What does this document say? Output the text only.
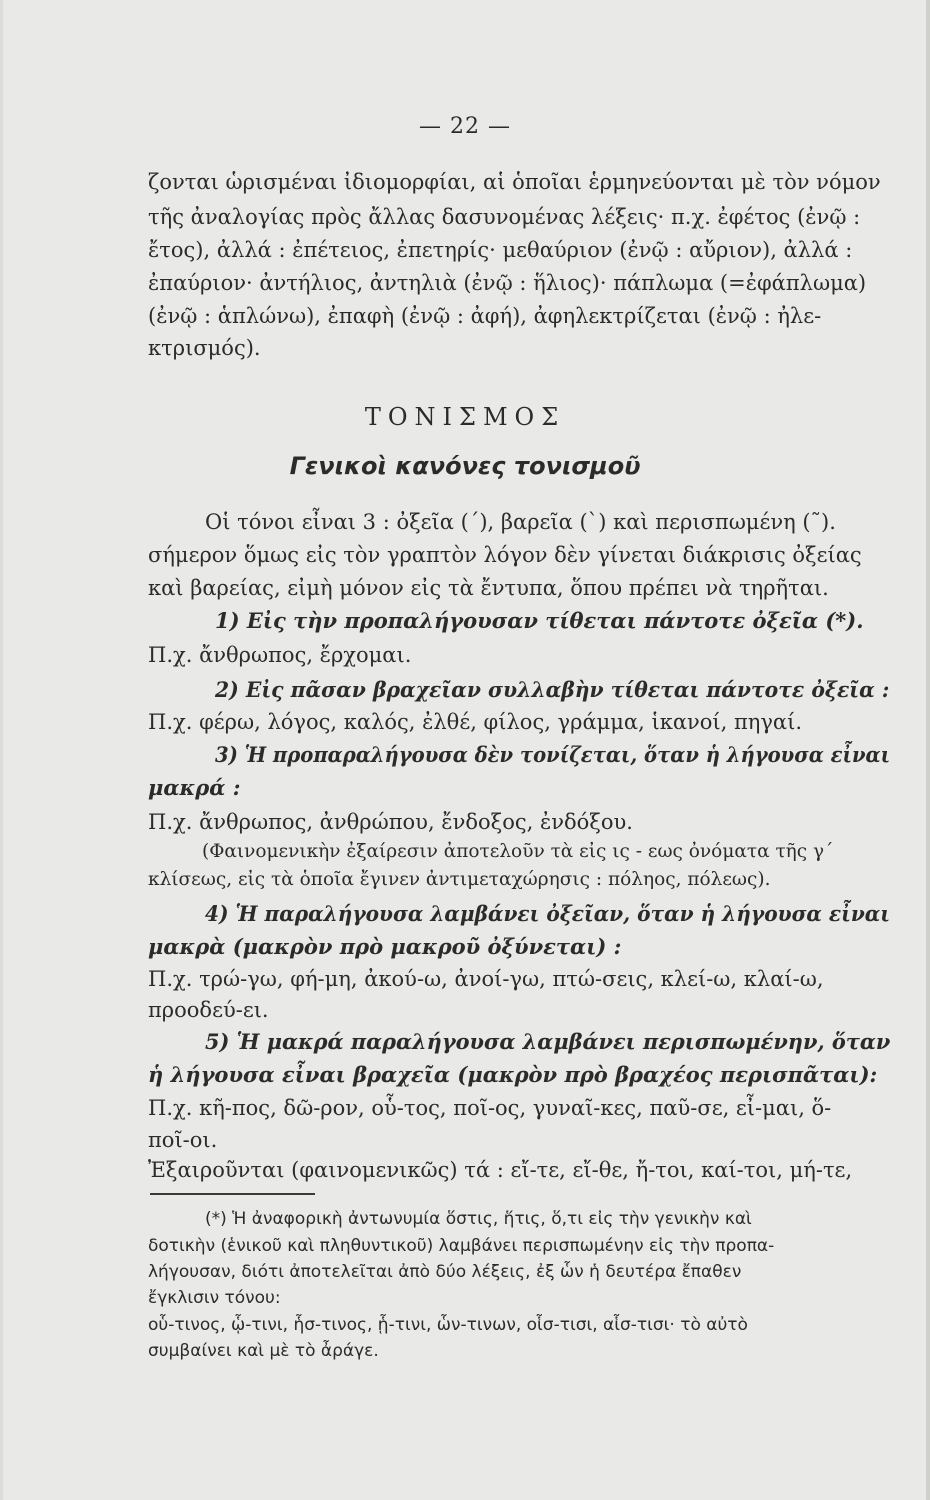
— 22 —
ζονται ὡρισμέναι ἰδιομορφίαι, αἱ ὁποῖαι ἑρμηνεύονται μὲ τὸν νόμον
τῆς ἀναλογίας πρὸς ἄλλας δασυνομένας λέξεις· π.χ. ἐφέτος (ἐνῷ :
ἔτος), ἀλλά : ἐπέτειος, ἐπετηρίς· μεθαύριον (ἐνῷ : αὔριον), ἀλλά :
ἐπαύριον· ἀντήλιος, ἀντηλιὰ (ἐνῷ : ἥλιος)· πάπλωμα (=ἐφάπλωμα)
(ἐνῷ : ἁπλώνω), ἐπαφὴ (ἐνῷ : ἀφή), ἀφηλεκτρίζεται (ἐνῷ : ἠλε-
κτρισμός).
ΤΟΝΙΣΜΟΣ
Γενικοὶ κανόνες τονισμοῦ
Οἱ τόνοι εἶναι 3 : ὀξεῖα (΄), βαρεῖα (`) καὶ περισπωμένη (῀).
σήμερον ὅμως εἰς τὸν γραπτὸν λόγον δὲν γίνεται διάκρισις ὀξείας
καὶ βαρείας, εἰμὴ μόνον εἰς τὰ ἔντυπα, ὅπου πρέπει νὰ τηρῆται.
1) Εἰς τὴν προπαλήγουσαν τίθεται πάντοτε ὀξεῖα (*).
Π.χ. ἄνθρωπος, ἔρχομαι.
2) Εἰς πᾶσαν βραχεῖαν συλλαβὴν τίθεται πάντοτε ὀξεῖα :
Π.χ. φέρω, λόγος, καλός, ἐλθέ, φίλος, γράμμα, ἱκανοί, πηγαί.
3) Ἡ προπαραλήγουσα δὲν τονίζεται, ὅταν ἡ λήγουσα εἶναι
μακρά :
Π.χ. ἄνθρωπος, ἀνθρώπου, ἔνδοξος, ἐνδόξου.
(Φαινομενικὴν ἐξαίρεσιν ἀποτελοῦν τὰ εἰς ις - εως ὀνόματα τῆς γ΄
κλίσεως, εἰς τὰ ὁποῖα ἔγινεν ἀντιμεταχώρησις : πόληος, πόλεως).
4) Ἡ παραλήγουσα λαμβάνει ὀξεῖαν, ὅταν ἡ λήγουσα εἶναι
μακρὰ (μακρὸν πρὸ μακροῦ ὀξύνεται) :
Π.χ. τρώ-γω, φή-μη, ἀκού-ω, ἀνοί-γω, πτώ-σεις, κλεί-ω, κλαί-ω,
προοδεύ-ει.
5) Ἡ μακρά παραλήγουσα λαμβάνει περισπωμένην, ὅταν
ἡ λήγουσα εἶναι βραχεῖα (μακρὸν πρὸ βραχέος περισπᾶται):
Π.χ. κῆ-πος, δῶ-ρον, οὗ-τος, ποῖ-ος, γυναῖ-κες, παῦ-σε, εἶ-μαι, ὅ-
ποῖ-οι.
Ἐξαιροῦνται (φαινομενικῶς) τά : εἴ-τε, εἴ-θε, ἤ-τοι, καί-τοι, μή-τε,
(*) Ἡ ἀναφορικὴ ἀντωνυμία ὅστις, ἥτις, ὅ,τι εἰς τὴν γενικὴν καὶ
δοτικὴν (ἑνικοῦ καὶ πληθυντικοῦ) λαμβάνει περισπωμένην εἰς τὴν προπα-
λήγουσαν, διότι ἀποτελεῖται ἀπὸ δύο λέξεις, ἐξ ὧν ἡ δευτέρα ἔπαθεν
ἔγκλισιν τόνου:
οὗ-τινος, ᾧ-τινι, ἧσ-τινος, ᾗ-τινι, ὧν-τινων, οἷσ-τισι, αἷσ-τισι· τὸ αὐτὸ
συμβαίνει καὶ μὲ τὸ ἆράγε.
